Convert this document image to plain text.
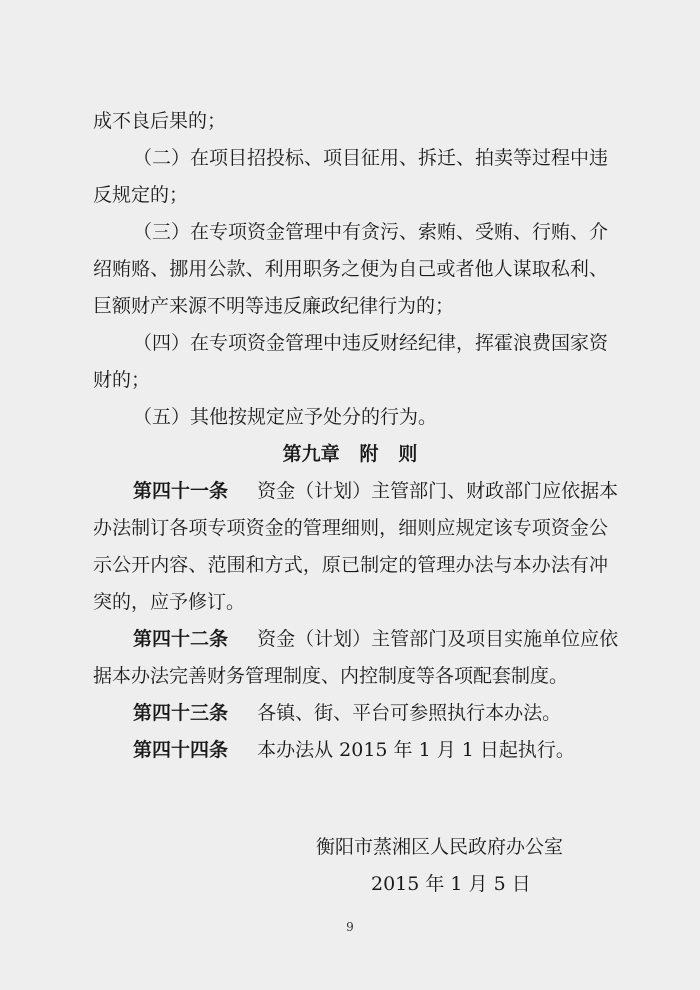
成不良后果的；
（二）在项目招投标、项目征用、拆迁、拍卖等过程中违
反规定的；
（三）在专项资金管理中有贪污、索贿、受贿、行贿、介
绍贿赂、挪用公款、利用职务之便为自己或者他人谋取私利、
巨额财产来源不明等违反廉政纪律行为的；
（四）在专项资金管理中违反财经纪律，挥霍浪费国家资
财的；
（五）其他按规定应予处分的行为。
第九章   附   则
第四十一条 资金（计划）主管部门、财政部门应依据本
办法制订各项专项资金的管理细则，细则应规定该专项资金公
示公开内容、范围和方式，原已制定的管理办法与本办法有冲
突的，应予修订。
第四十二条 资金（计划）主管部门及项目实施单位应依
据本办法完善财务管理制度、内控制度等各项配套制度。
第四十三条 各镇、街、平台可参照执行本办法。
第四十四条 本办法从 2015 年 1 月 1 日起执行。
衡阳市蒸湘区人民政府办公室
2015 年 1 月 5 日
9
